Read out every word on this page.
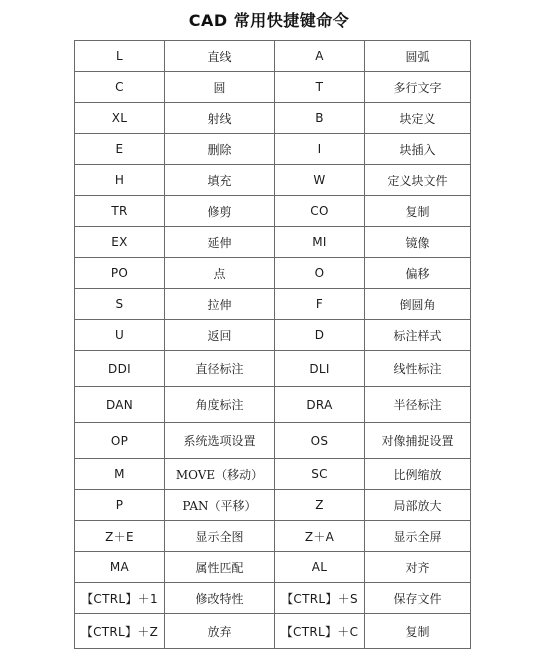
CAD 常用快捷键命令
L	直线	A	圆弧
C	圆	T	多行文字
XL	射线	B	块定义
E	删除	I	块插入
H	填充	W	定义块文件
TR	修剪	CO	复制
EX	延伸	MI	镜像
PO	点	O	偏移
S	拉伸	F	倒圆角
U	返回	D	标注样式
DDI	直径标注	DLI	线性标注
DAN	角度标注	DRA	半径标注
OP	系统选项设置	OS	对像捕捉设置
M	MOVE（移动）	SC	比例缩放
P	PAN（平移）	Z	局部放大
Z＋E	显示全图	Z＋A	显示全屏
MA	属性匹配	AL	对齐
【CTRL】＋1	修改特性	【CTRL】＋S	保存文件
【CTRL】＋Z	放弃	【CTRL】＋C	复制
